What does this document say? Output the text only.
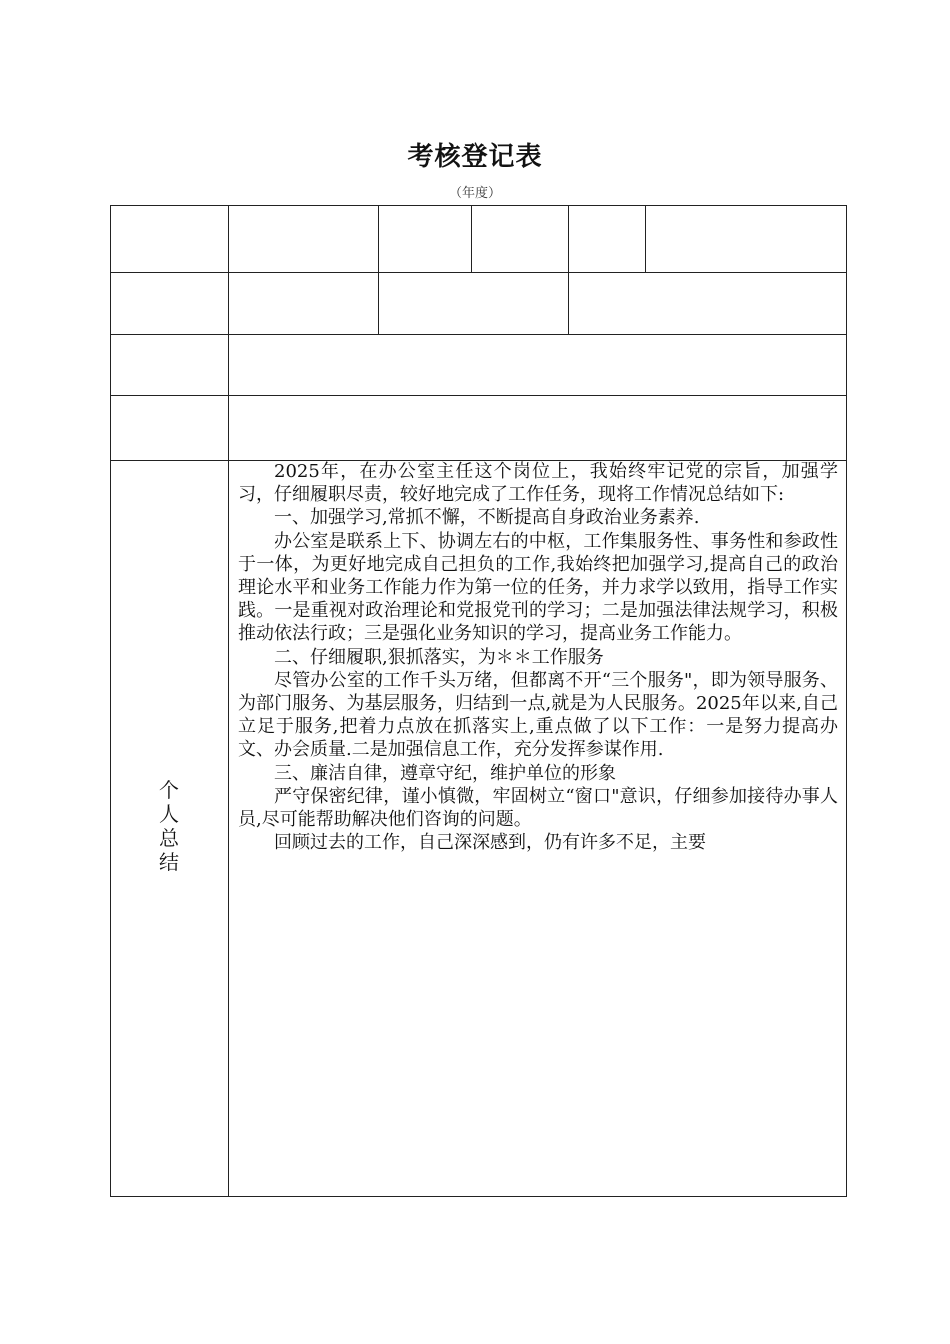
考核登记表
（年度）
个
人
总
结

2025年，在办公室主任这个岗位上，我始终牢记党的宗旨，加强学习，仔细履职尽责，较好地完成了工作任务，现将工作情况总结如下:

一、加强学习,常抓不懈，不断提高自身政治业务素养.

办公室是联系上下、协调左右的中枢，工作集服务性、事务性和参政性于一体，为更好地完成自己担负的工作,我始终把加强学习,提高自己的政治理论水平和业务工作能力作为第一位的任务，并力求学以致用，指导工作实践。一是重视对政治理论和党报党刊的学习；二是加强法律法规学习，积极推动依法行政；三是强化业务知识的学习，提高业务工作能力。

二、仔细履职,狠抓落实，为＊＊工作服务

尽管办公室的工作千头万绪，但都离不开“三个服务"，即为领导服务、为部门服务、为基层服务，归结到一点,就是为人民服务。2025年以来,自己立足于服务,把着力点放在抓落实上,重点做了以下工作：一是努力提高办文、办会质量.二是加强信息工作，充分发挥参谋作用.

三、廉洁自律，遵章守纪，维护单位的形象

严守保密纪律，谨小慎微，牢固树立“窗口"意识，仔细参加接待办事人员,尽可能帮助解决他们咨询的问题。

回顾过去的工作，自己深深感到，仍有许多不足，主要
